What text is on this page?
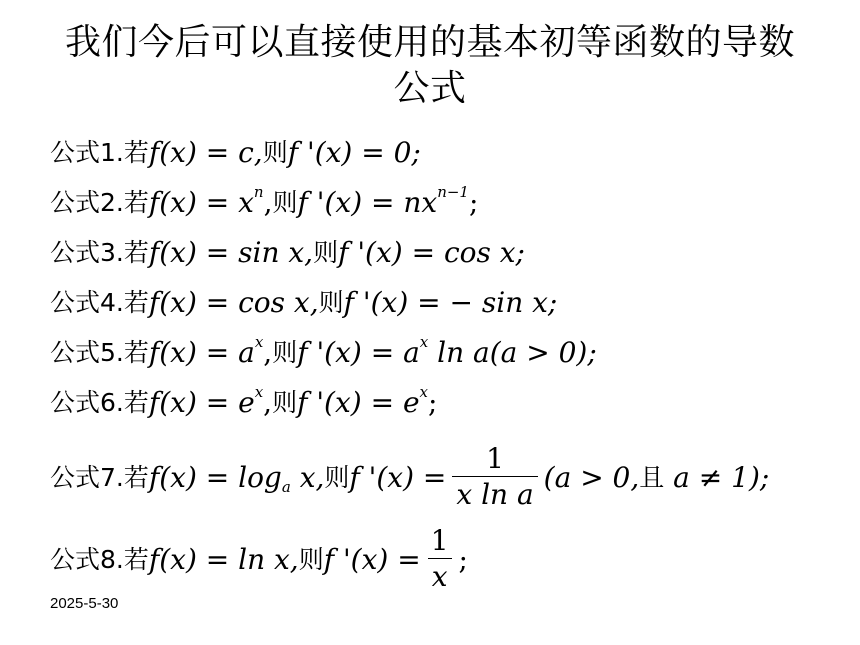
我们今后可以直接使用的基本初等函数的导数
公式
公式1.若 f(x) = c, 则 f '(x) = 0;
公式2.若 f(x) = x n , 则 f '(x) = nx n−1 ;
公式3.若 f(x) = sin x, 则 f '(x) = cos x;
公式4.若 f(x) = cos x, 则 f '(x) = − sin x;
公式5.若 f(x) = a x , 则 f '(x) = a x ln a(a > 0);
公式6.若 f(x) = e x , 则 f '(x) = e x ;
公式7.若 f(x) = log a x, 则 f '$(x) = \frac{1}{\text{x ln a}} (a > 0$, 且 a ≠ 1);
公式8.若 f(x) = ln x, 则 f '$(x) = \frac{1}{x}$ ;
2025-5-30
